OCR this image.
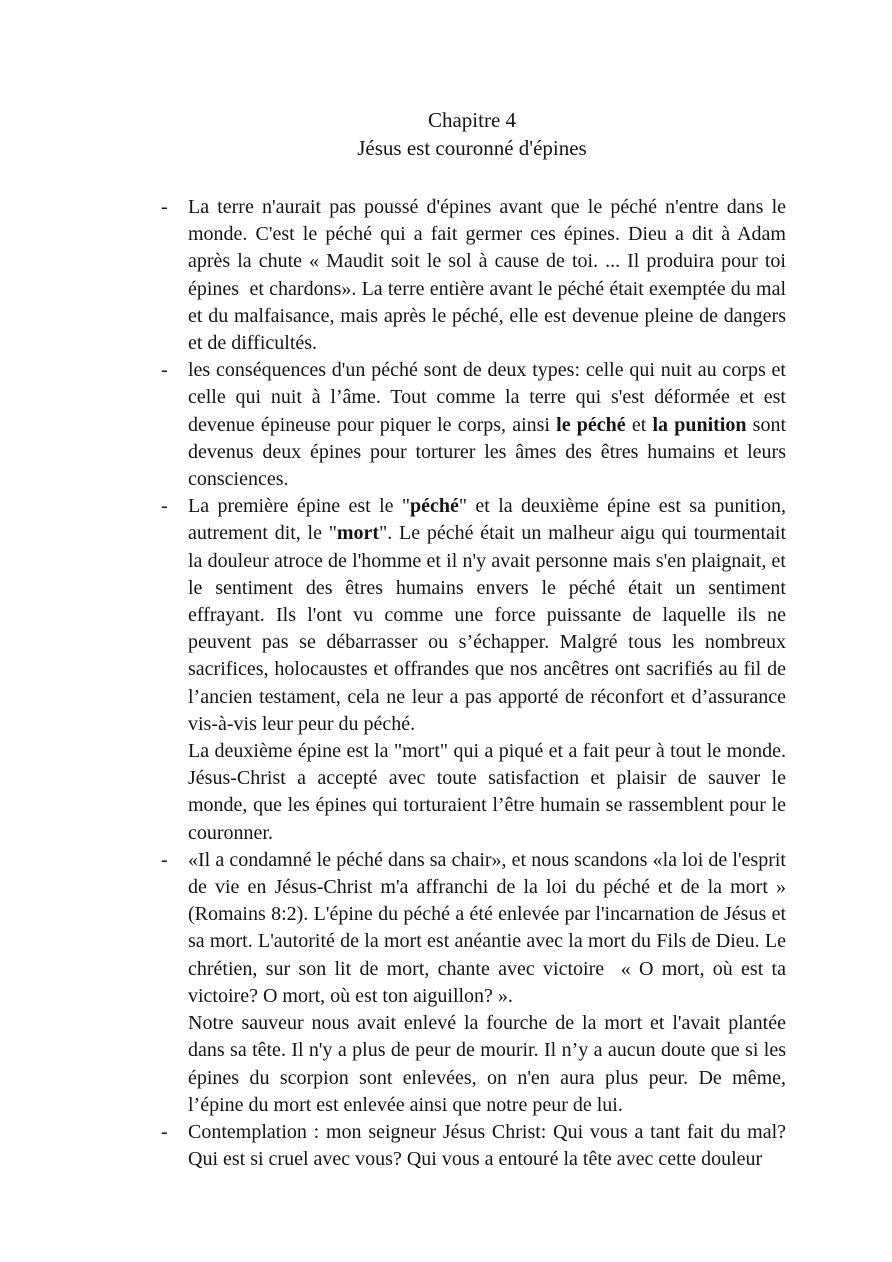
Chapitre 4
Jésus est couronné d'épines
- La terre n'aurait pas poussé d'épines avant que le péché n'entre dans le monde. C'est le péché qui a fait germer ces épines. Dieu a dit à Adam après la chute « Maudit soit le sol à cause de toi. ... Il produira pour toi épines  et chardons». La terre entière avant le péché était exemptée du mal et du malfaisance, mais après le péché, elle est devenue pleine de dangers et de difficultés.
- les conséquences d'un péché sont de deux types: celle qui nuit au corps et celle qui nuit à l’âme. Tout comme la terre qui s'est déformée et est devenue épineuse pour piquer le corps, ainsi le péché et la punition sont devenus deux épines pour torturer les âmes des êtres humains et leurs consciences.
- La première épine est le "péché" et la deuxième épine est sa punition, autrement dit, le "mort". Le péché était un malheur aigu qui tourmentait la douleur atroce de l'homme et il n'y avait personne mais s'en plaignait, et le sentiment des êtres humains envers le péché était un sentiment effrayant. Ils l'ont vu comme une force puissante de laquelle ils ne peuvent pas se débarrasser ou s’échapper. Malgré tous les nombreux sacrifices, holocaustes et offrandes que nos ancêtres ont sacrifiés au fil de l’ancien testament, cela ne leur a pas apporté de réconfort et d’assurance vis-à-vis leur peur du péché.
La deuxième épine est la "mort" qui a piqué et a fait peur à tout le monde. Jésus-Christ a accepté avec toute satisfaction et plaisir de sauver le monde, que les épines qui torturaient l’être humain se rassemblent pour le couronner.
- «Il a condamné le péché dans sa chair», et nous scandons «la loi de l'esprit de vie en Jésus-Christ m'a affranchi de la loi du péché et de la mort » (Romains 8:2). L'épine du péché a été enlevée par l'incarnation de Jésus et sa mort. L'autorité de la mort est anéantie avec la mort du Fils de Dieu. Le chrétien, sur son lit de mort, chante avec victoire  « O mort, où est ta victoire? O mort, où est ton aiguillon? ».
Notre sauveur nous avait enlevé la fourche de la mort et l'avait plantée dans sa tête. Il n'y a plus de peur de mourir. Il n’y a aucun doute que si les épines du scorpion sont enlevées, on n'en aura plus peur. De même, l’épine du mort est enlevée ainsi que notre peur de lui.
- Contemplation : mon seigneur Jésus Christ: Qui vous a tant fait du mal? Qui est si cruel avec vous? Qui vous a entouré la tête avec cette douleur
